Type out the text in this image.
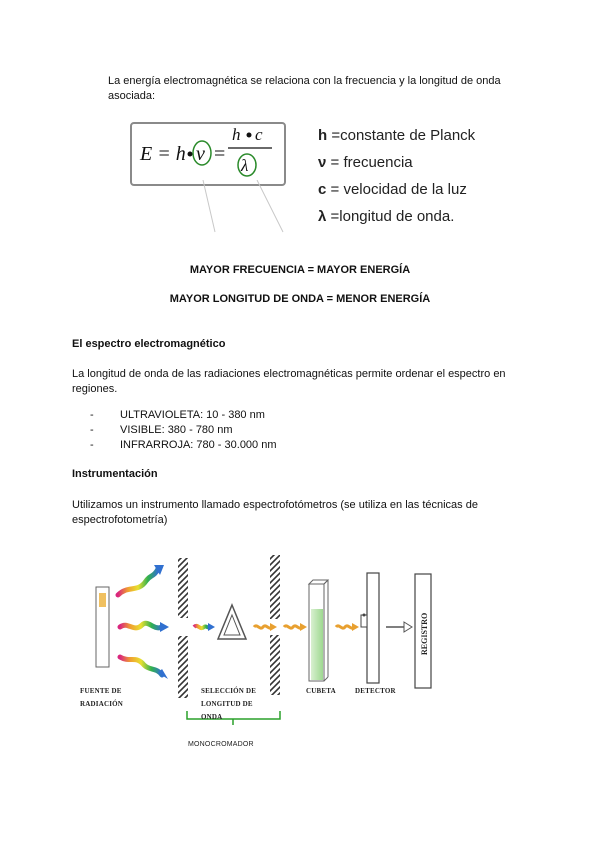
La energía electromagnética se relaciona con la frecuencia y la longitud de onda
asociada:
E = h ν =
h c
λ
h =constante de Planck
ν = frecuencia
c = velocidad de la luz
λ =longitud de onda.
MAYOR FRECUENCIA = MAYOR ENERGÍA
MAYOR LONGITUD DE ONDA = MENOR ENERGÍA
El espectro electromagnético
La longitud de onda de las radiaciones electromagnéticas permite ordenar el espectro en
regiones.
- ULTRAVIOLETA: 10 - 380 nm
- VISIBLE: 380 - 780 nm
- INFRARROJA: 780 - 30.000 nm
Instrumentación
Utilizamos un instrumento llamado espectrofotómetros (se utiliza en las técnicas de
espectrofotometría)
REGISTRO
FUENTE DE
RADIACIÓN
SELECCIÓN DE
LONGITUD DE
ONDA
CUBETA	DETECTOR
MONOCROMADOR
